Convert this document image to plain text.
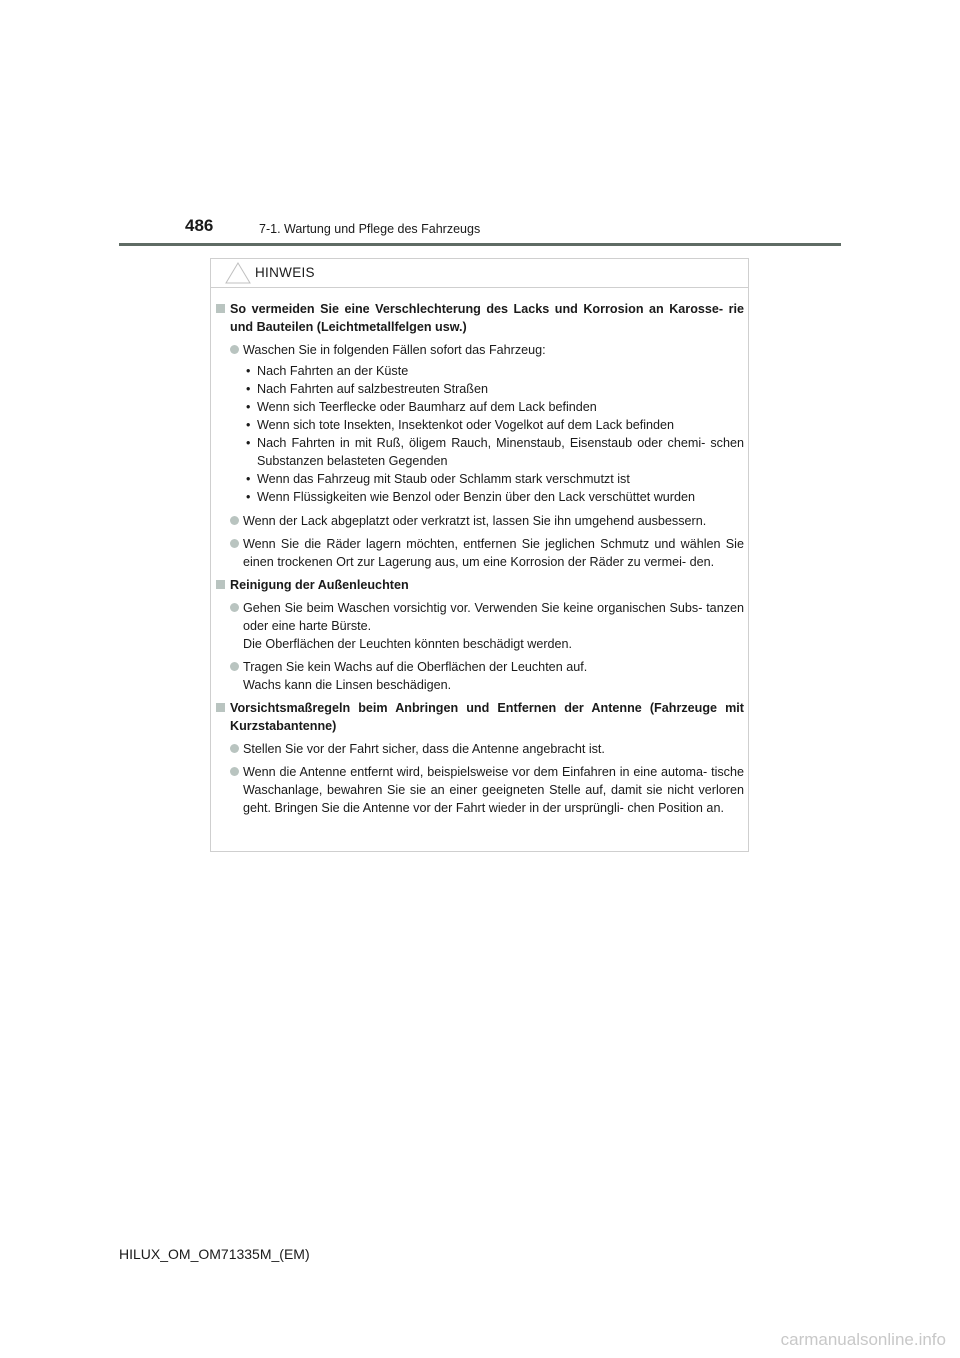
486	7-1. Wartung und Pflege des Fahrzeugs
HINWEIS
So vermeiden Sie eine Verschlechterung des Lacks und Korrosion an Karosse- rie und Bauteilen (Leichtmetallfelgen usw.)
Waschen Sie in folgenden Fällen sofort das Fahrzeug:
• Nach Fahrten an der Küste
• Nach Fahrten auf salzbestreuten Straßen
• Wenn sich Teerflecke oder Baumharz auf dem Lack befinden
• Wenn sich tote Insekten, Insektenkot oder Vogelkot auf dem Lack befinden
• Nach Fahrten in mit Ruß, öligem Rauch, Minenstaub, Eisenstaub oder chemi- schen Substanzen belasteten Gegenden
• Wenn das Fahrzeug mit Staub oder Schlamm stark verschmutzt ist
• Wenn Flüssigkeiten wie Benzol oder Benzin über den Lack verschüttet wurden
Wenn der Lack abgeplatzt oder verkratzt ist, lassen Sie ihn umgehend ausbessern.
Wenn Sie die Räder lagern möchten, entfernen Sie jeglichen Schmutz und wählen Sie einen trockenen Ort zur Lagerung aus, um eine Korrosion der Räder zu vermei- den.
Reinigung der Außenleuchten
Gehen Sie beim Waschen vorsichtig vor. Verwenden Sie keine organischen Subs- tanzen oder eine harte Bürste.
Die Oberflächen der Leuchten könnten beschädigt werden.
Tragen Sie kein Wachs auf die Oberflächen der Leuchten auf.
Wachs kann die Linsen beschädigen.
Vorsichtsmaßregeln beim Anbringen und Entfernen der Antenne (Fahrzeuge mit Kurzstabantenne)
Stellen Sie vor der Fahrt sicher, dass die Antenne angebracht ist.
Wenn die Antenne entfernt wird, beispielsweise vor dem Einfahren in eine automa- tische Waschanlage, bewahren Sie sie an einer geeigneten Stelle auf, damit sie nicht verloren geht. Bringen Sie die Antenne vor der Fahrt wieder in der ursprüngli- chen Position an.
HILUX_OM_OM71335M_(EM)
carmanualsonline.info
